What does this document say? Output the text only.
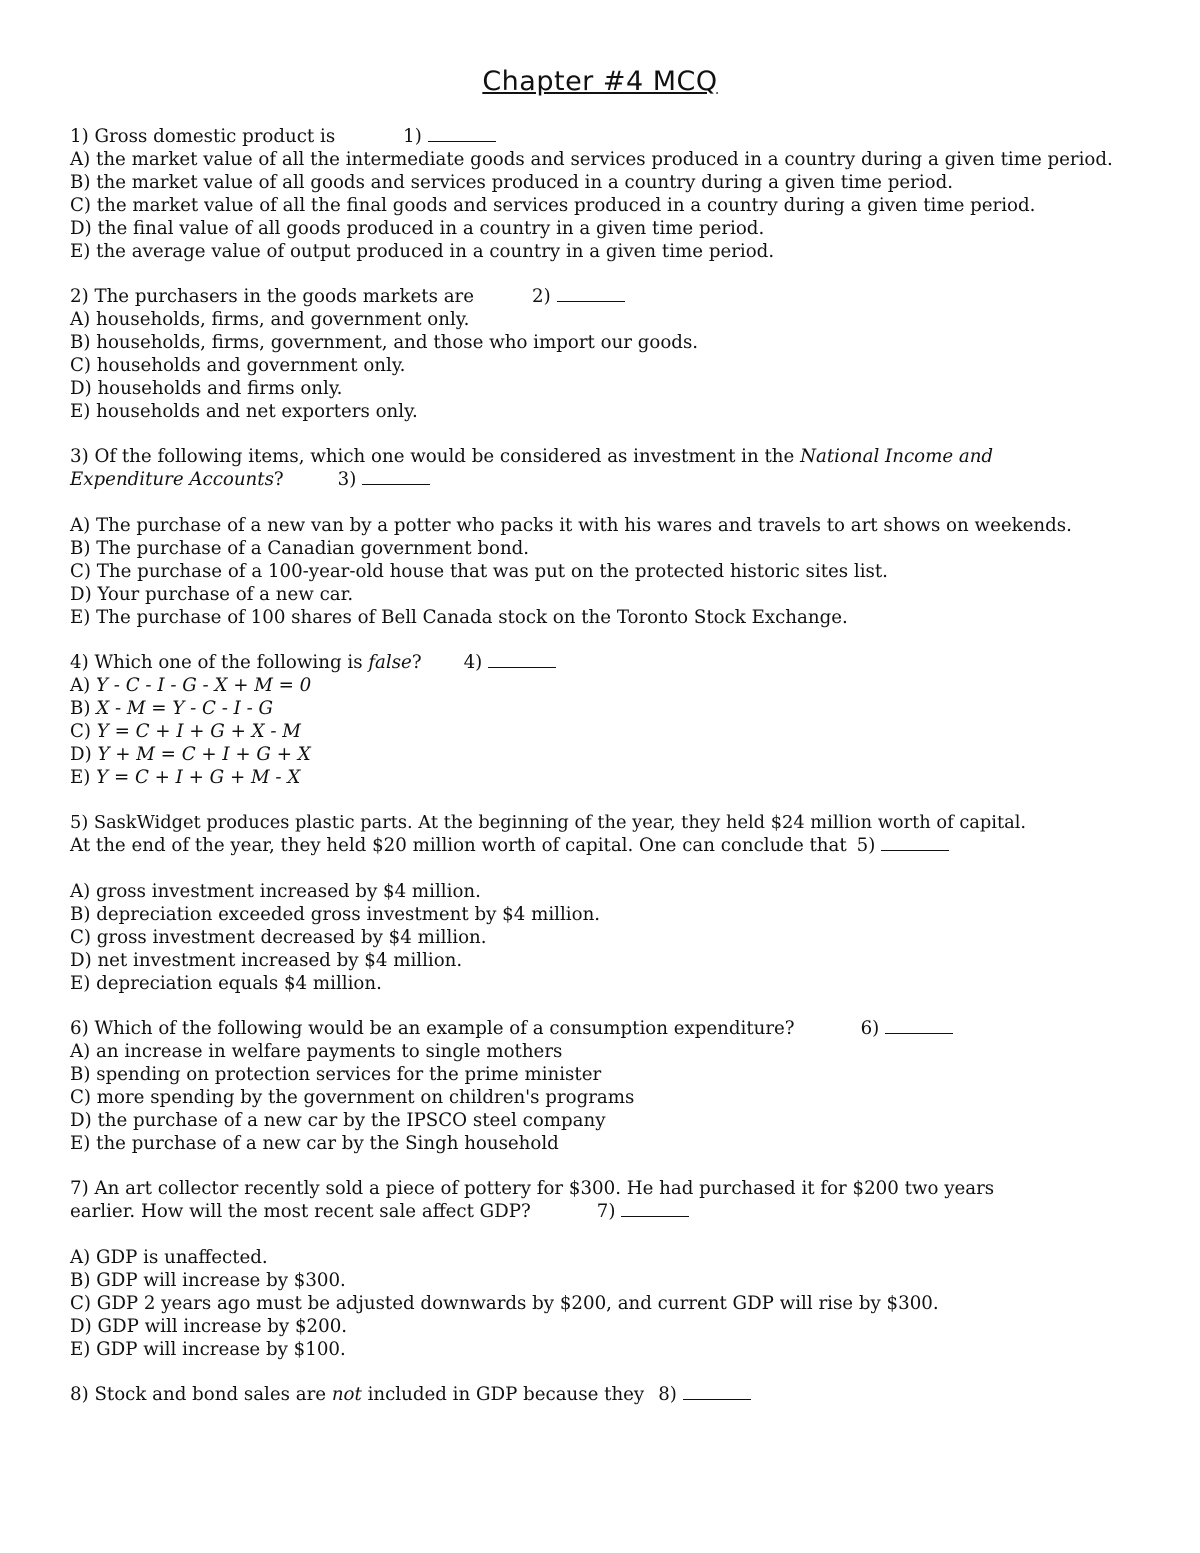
Chapter #4 MCQ
1) Gross domestic product is	1)
A) the market value of all the intermediate goods and services produced in a country during a given time period.
B) the market value of all goods and services produced in a country during a given time period.
C) the market value of all the final goods and services produced in a country during a given time period.
D) the final value of all goods produced in a country in a given time period.
E) the average value of output produced in a country in a given time period.
2) The purchasers in the goods markets are	2)
A) households, firms, and government only.
B) households, firms, government, and those who import our goods.
C) households and government only.
D) households and firms only.
E) households and net exporters only.
3) Of the following items, which one would be considered as investment in the National Income and
Expenditure Accounts?	3)
A) The purchase of a new van by a potter who packs it with his wares and travels to art shows on weekends.
B) The purchase of a Canadian government bond.
C) The purchase of a 100-year-old house that was put on the protected historic sites list.
D) Your purchase of a new car.
E) The purchase of 100 shares of Bell Canada stock on the Toronto Stock Exchange.
4) Which one of the following is false? 4)
A) Y - C - I - G - X + M = 0
B) X - M = Y - C - I - G
C) Y = C + I + G + X - M
D) Y + M = C + I + G + X
E) Y = C + I + G + M - X
5) SaskWidget produces plastic parts. At the beginning of the year, they held $24 million worth of capital.
At the end of the year, they held $20 million worth of capital. One can conclude that 5)
A) gross investment increased by $4 million.
B) depreciation exceeded gross investment by $4 million.
C) gross investment decreased by $4 million.
D) net investment increased by $4 million.
E) depreciation equals $4 million.
6) Which of the following would be an example of a consumption expenditure?	6)
A) an increase in welfare payments to single mothers
B) spending on protection services for the prime minister
C) more spending by the government on children's programs
D) the purchase of a new car by the IPSCO steel company
E) the purchase of a new car by the Singh household
7) An art collector recently sold a piece of pottery for $300. He had purchased it for $200 two years
earlier. How will the most recent sale affect GDP?	7)
A) GDP is unaffected.
B) GDP will increase by $300.
C) GDP 2 years ago must be adjusted downwards by $200, and current GDP will rise by $300.
D) GDP will increase by $200.
E) GDP will increase by $100.
8) Stock and bond sales are not included in GDP because they 8)
